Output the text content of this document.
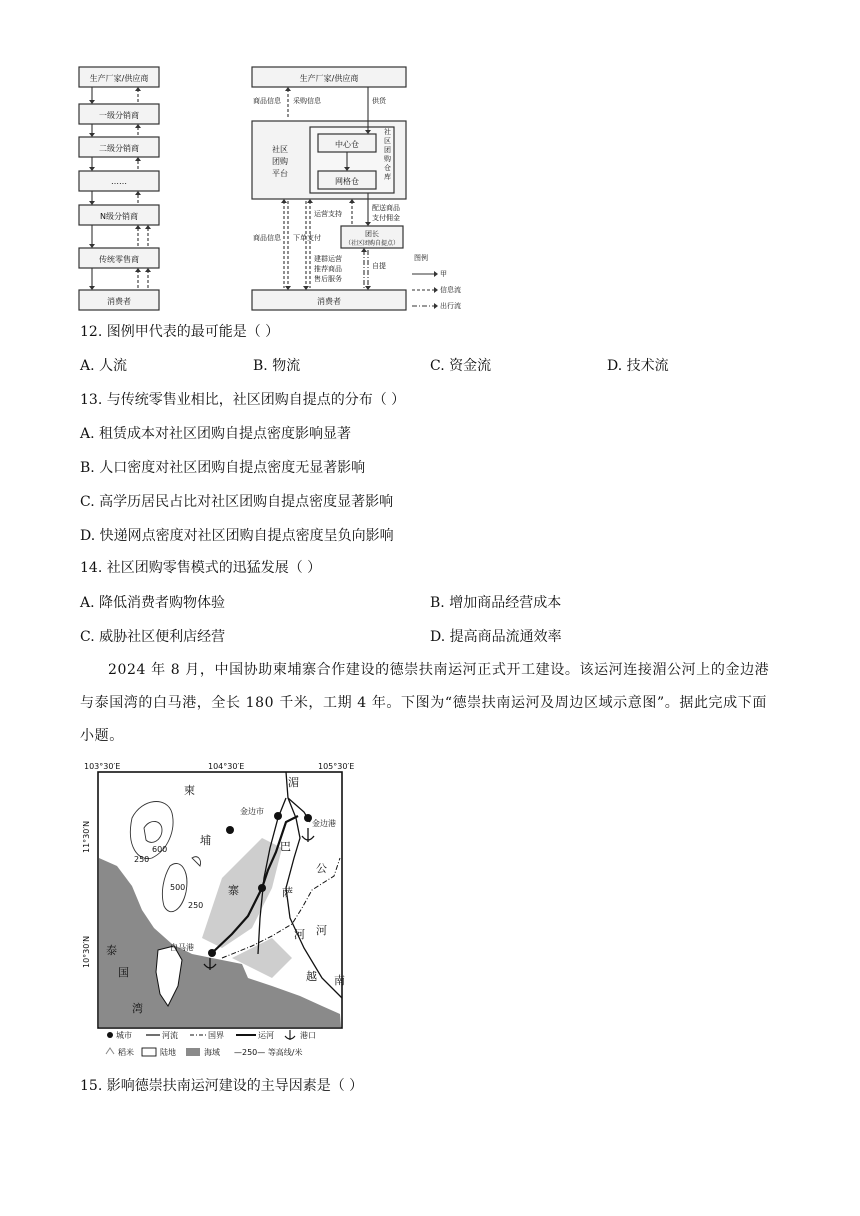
生产厂家/供应商
一级分销商
二级分销商
……
N级分销商
传统零售商
消费者
生产厂家/供应商
消费者
中心仓
网格仓
团长
（社区团购自提点）
社区团购平台
社区团 购仓库
商品信息 采购信息	供货
运营支持
配送商品
支付佣金
商品信息 下单支付
建群运营
推荐商品
售后服务
自提
图例
甲
信息流
出行流
12. 图例甲代表的最可能是（ ）
A. 人流	B. 物流	C. 资金流	D. 技术流
13. 与传统零售业相比，社区团购自提点的分布（ ）
A. 租赁成本对社区团购自提点密度影响显著
B. 人口密度对社区团购自提点密度无显著影响
C. 高学历居民占比对社区团购自提点密度显著影响
D. 快递网点密度对社区团购自提点密度呈负向影响
14. 社区团购零售模式的迅猛发展（ ）
A. 降低消费者购物体验	B. 增加商品经营成本
C. 威胁社区便利店经营	D. 提高商品流通效率
2024 年 8 月，中国协助柬埔寨合作建设的德崇扶南运河正式开工建设。该运河连接湄公河上的金边港与泰国湾的白马港，全长 180 千米，工期 4 年。下图为“德崇扶南运河及周边区域示意图”。据此完成下面小题。
103°30′E	104°30′E	105°30′E
11°30′N
10°30′N
600
250
500
250
柬
埔
寨
越 南
湄
公
河
巴
萨
河
泰
国
湾
金边市
金边港
白马港
城市	河流	国界	运河	港口
稻米	陆地	海域 —250— 等高线/米
15. 影响德崇扶南运河建设的主导因素是（ ）
